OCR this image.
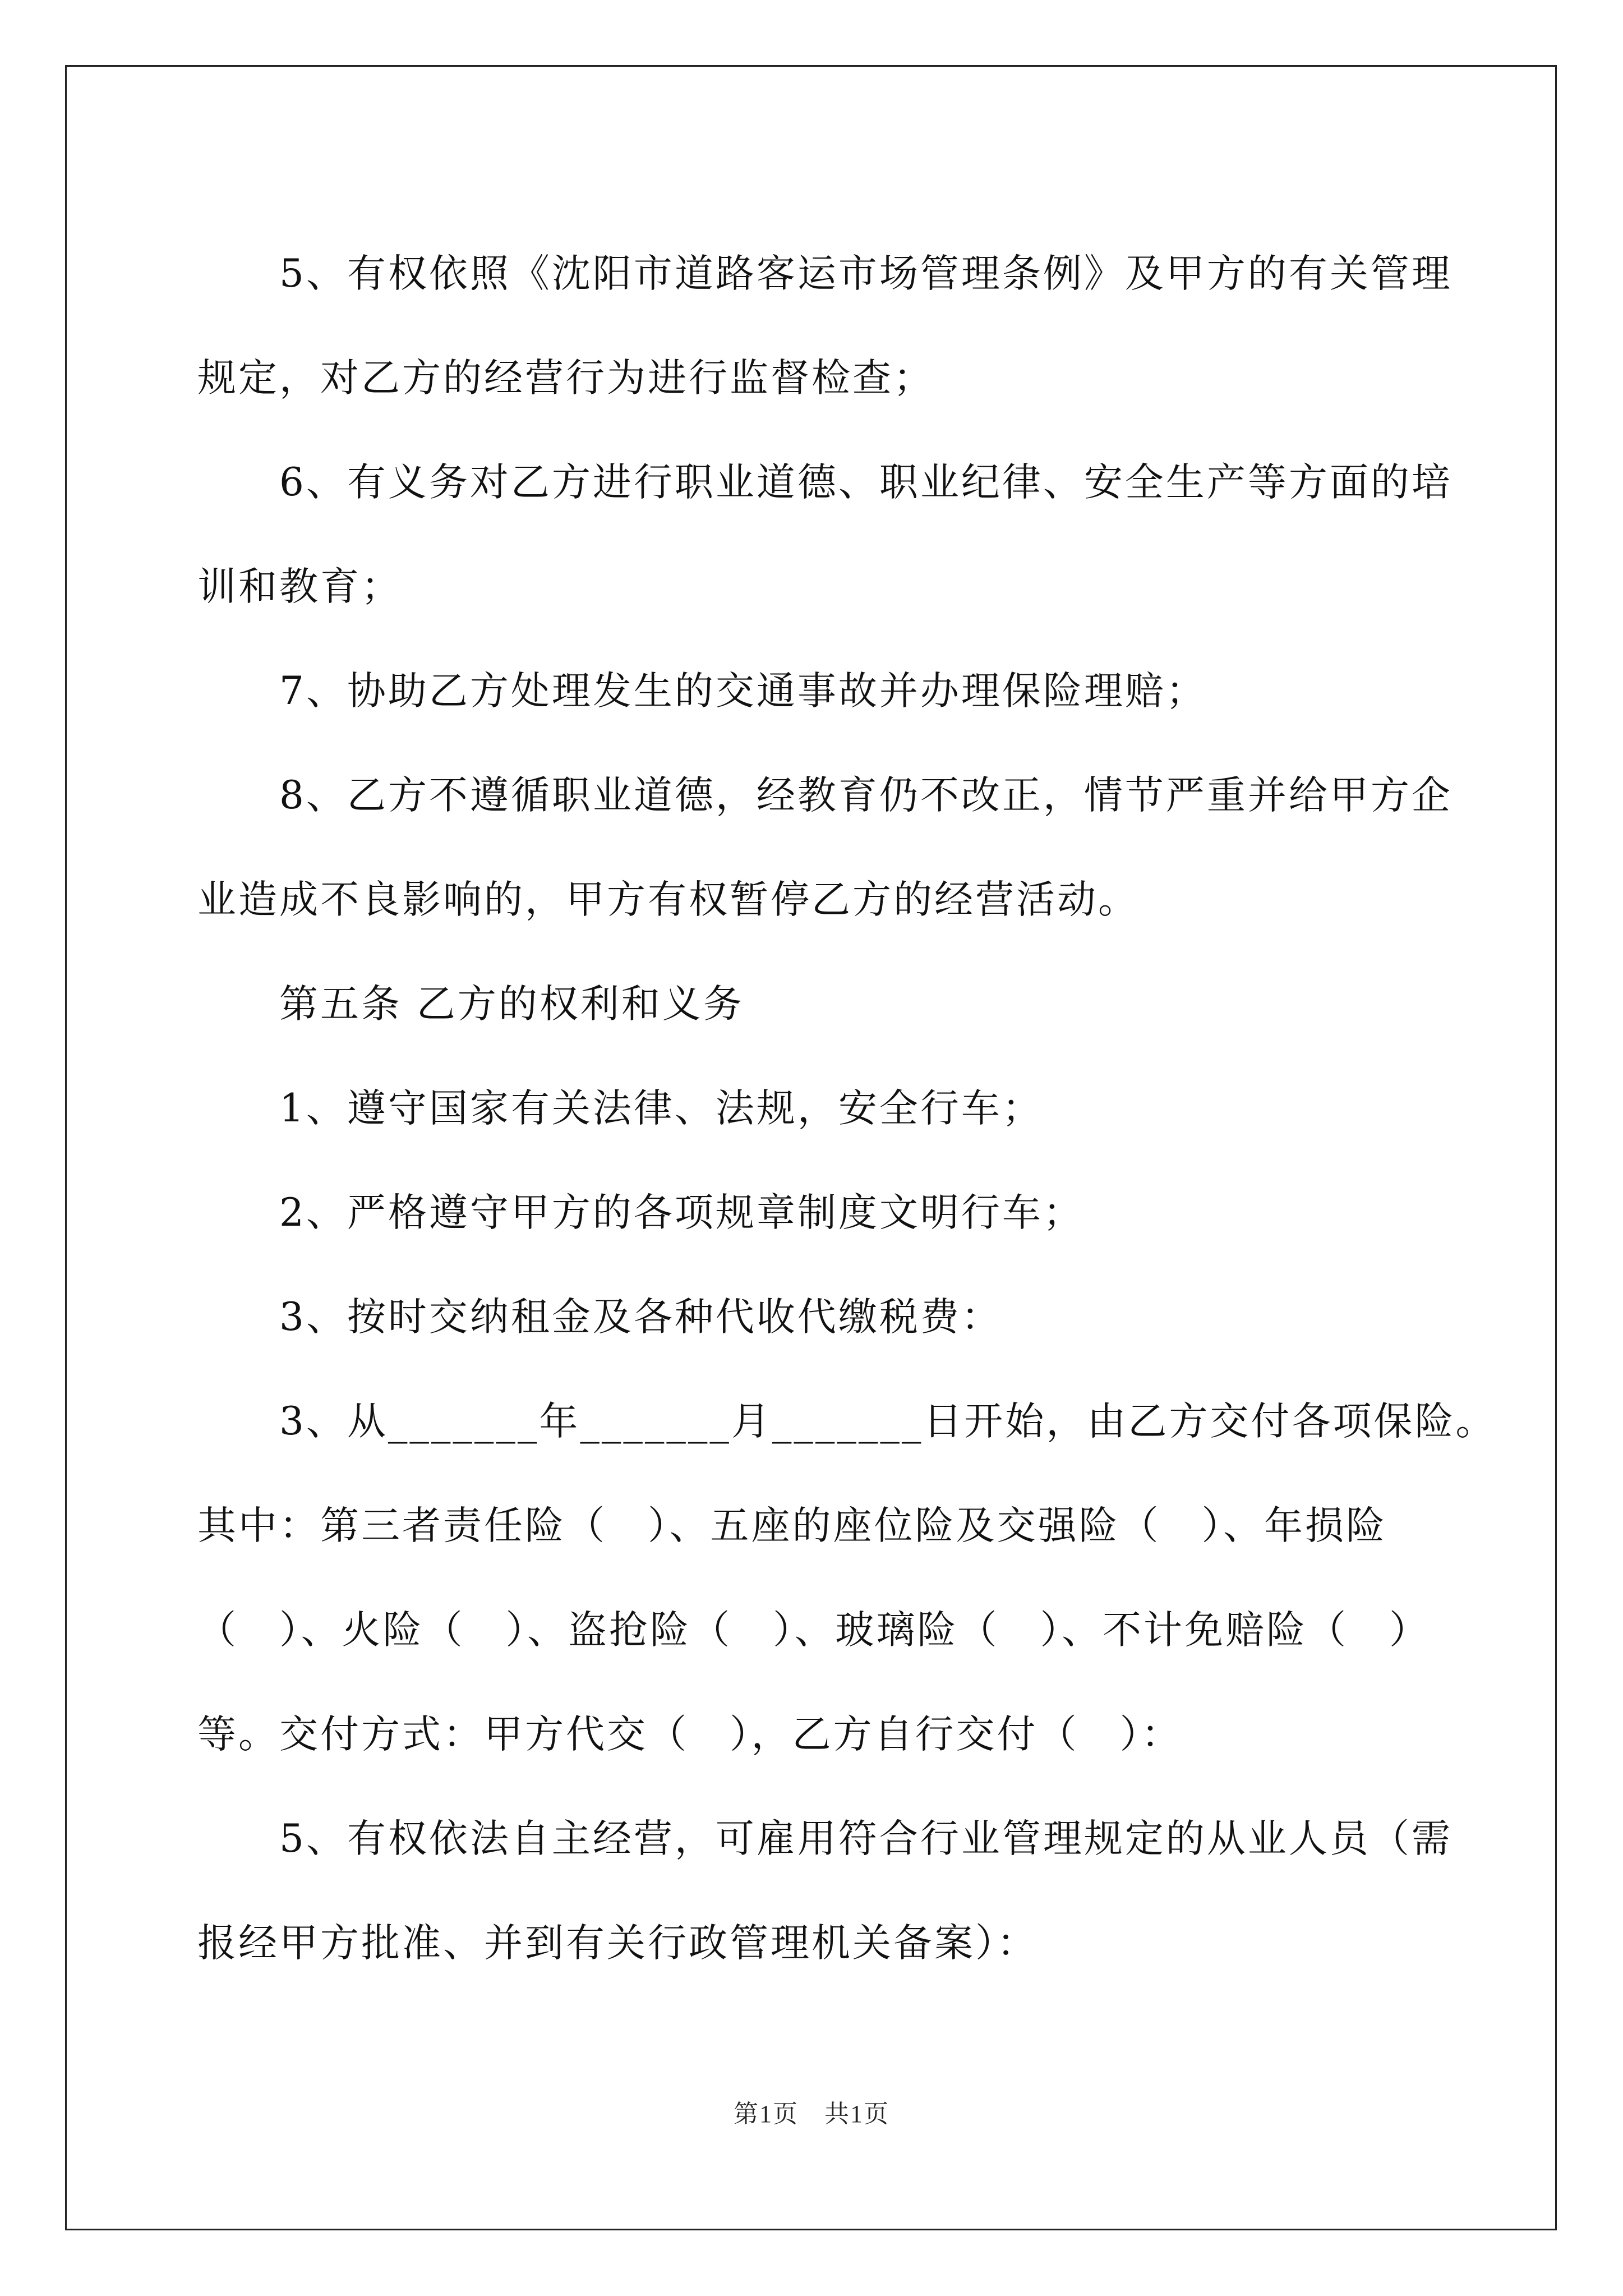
5、有权依照《沈阳市道路客运市场管理条例》及甲方的有关管理

规定，对乙方的经营行为进行监督检查；

6、有义务对乙方进行职业道德、职业纪律、安全生产等方面的培

训和教育；

7、协助乙方处理发生的交通事故并办理保险理赔；

8、乙方不遵循职业道德，经教育仍不改正，情节严重并给甲方企

业造成不良影响的，甲方有权暂停乙方的经营活动。

第五条 乙方的权利和义务

1、遵守国家有关法律、法规，安全行车；

2、严格遵守甲方的各项规章制度文明行车；

3、按时交纳租金及各种代收代缴税费：

3、从_______年_______月_______日开始，由乙方交付各项保险。

其中：第三者责任险（　）、五座的座位险及交强险（　）、年损险

（　）、火险（　）、盗抢险（　）、玻璃险（　）、不计免赔险（　）

等。交付方式：甲方代交（　），乙方自行交付（　）：

5、有权依法自主经营，可雇用符合行业管理规定的从业人员（需

报经甲方批准、并到有关行政管理机关备案）：

第1页　共1页
